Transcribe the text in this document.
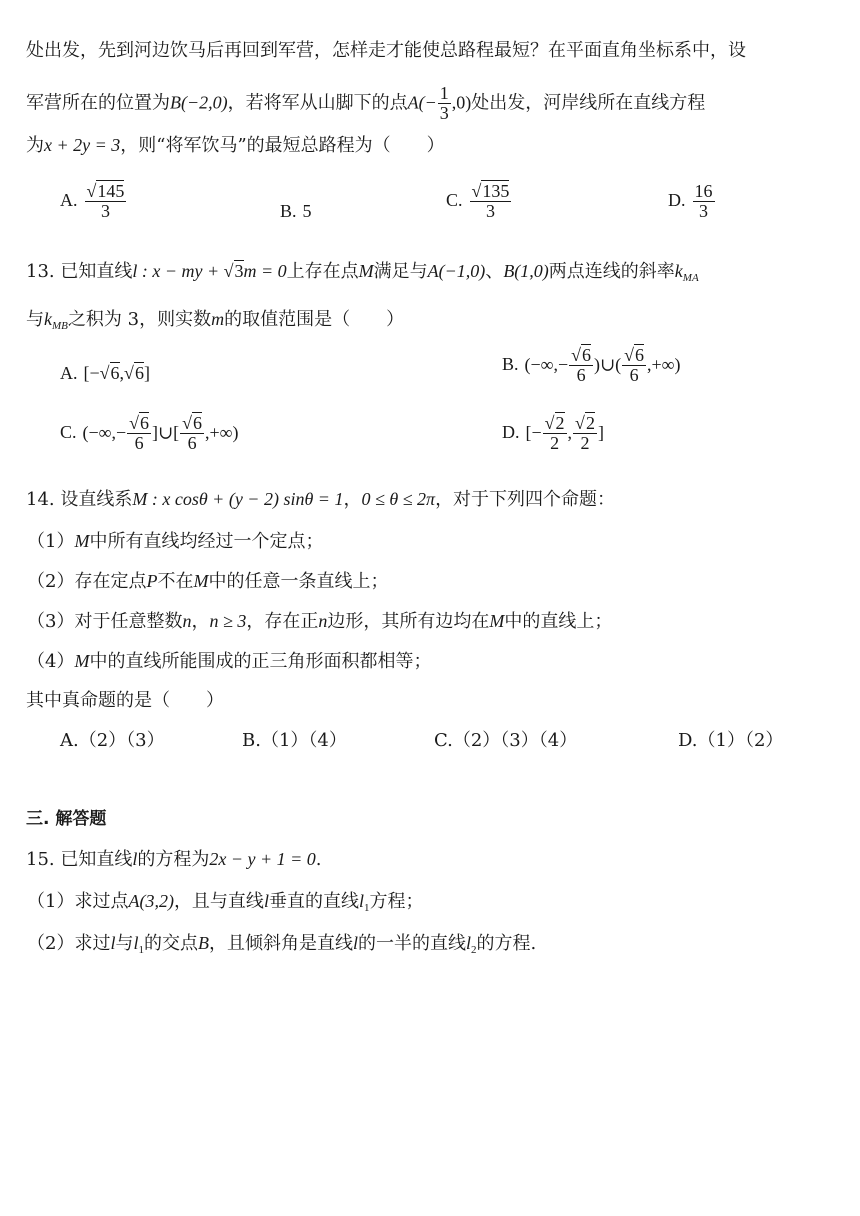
处出发，先到河边饮马后再回到军营，怎样走才能使总路程最短？在平面直角坐标系中，设
军营所在的位置为B(−2,0)，若将军从山脚下的点$A(- \frac{1}{3} ,0)$处出发，河岸线所在直线方程
为x + 2y = 3，则“将军饮马”的最短总路程为（　　）
A. $\frac{√145}{3}$	B. 5
C. $\frac{√135}{3}$	D. $\frac{16}{3}$
13. 已知直线l : x − my + √3m = 0上存在点M满足与A(−1,0)、B(1,0)两点连线的斜率$k_{MA}$
与$k_{MB}$之积为 3，则实数m的取值范围是（　　）
A. [−√6,√6]	B. (−∞,− $\frac{√6}{6}$ )∪( $\frac{√6}{6}$ ,+∞)
C. (−∞,− $\frac{√6}{6}$ ]∪[ $\frac{√6}{6}$ ,+∞)	D. [− $\frac{√2}{2}$ , $\frac{√2}{2}$ ]
14. 设直线系M : x cosθ + (y − 2) sinθ = 1，0 ≤ θ ≤ 2π，对于下列四个命题：
（1）M中所有直线均经过一个定点；
（2）存在定点P不在M中的任意一条直线上；
（3）对于任意整数n，n ≥ 3，存在正n边形，其所有边均在M中的直线上；
（4）M中的直线所能围成的正三角形面积都相等；
其中真命题的是（　　）
A.（2）（3）	B.（1）（4）	C.（2）（3）（4）	D.（1）（2）
三. 解答题
15. 已知直线l的方程为2x − y + 1 = 0.
（1）求过点A(3,2)，且与直线l垂直的直线$l_1$方程；
（2）求过l与$l_1$的交点B，且倾斜角是直线l的一半的直线$l_2$的方程.
